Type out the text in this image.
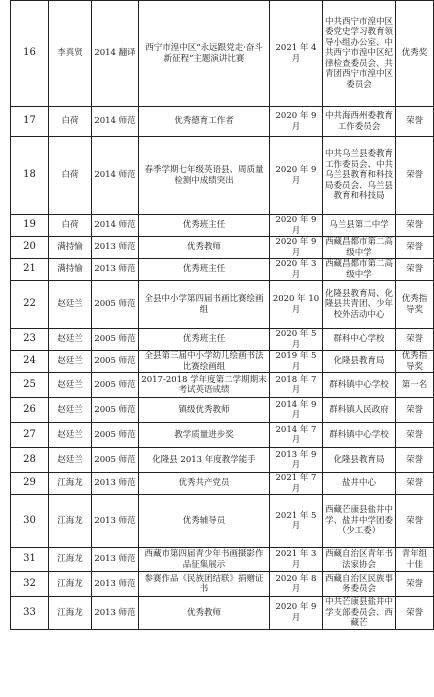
16	李真贤	2014 翻译	西宁市湟中区“永远跟党走·奋斗新征程”主题演讲比赛	2021 年 4 月	中共西宁市湟中区委党史学习教育领导小组办公室、中共西宁市湟中区纪律检查委员会、共青团西宁市湟中区委员会	优秀奖
17	白荷	2014 师范	优秀德育工作者	2020 年 9 月	中共海西州委教育工作委员会	荣誉
18	白荷	2014 师范	春季学期七年级英语县、周质量检测中成绩突出	2020 年 9 月	中共乌兰县委教育工作委员会、中共乌兰县教育和科技局委员会、乌兰县教育和科技局	荣誉
19	白荷	2014 师范	优秀班主任	2020 年 9 月	乌兰县第二中学	荣誉
20	满持愉	2013 师范	优秀教师	2020 年 9 月	西藏昌都市第二高级中学	荣誉
21	满持愉	2013 师范	优秀班主任	2020 年 3 月	西藏昌都市第二高级中学	荣誉
22	赵廷兰	2005 师范	全县中小学第四届书画比赛绘画组	2020 年 10 月	化隆县教育局、化隆县共青团、少年校外活动中心	优秀指导奖
23	赵廷兰	2005 师范	优秀班主任	2020 年 5 月	群科中心学校	荣誉
24	赵廷兰	2005 师范	全县第三届中小学幼儿绘画书法比赛绘画组	2019 年 5 月	化隆县教育局	优秀指导奖
25	赵廷兰	2005 师范	2017-2018 学年度第二学期期末考试英语成绩	2018 年 7 月	群科镇中心学校	第一名
26	赵廷兰	2005 师范	镇级优秀教师	2014 年 9 月	群科镇人民政府	荣誉
27	赵廷兰	2005 师范	教学质量进步奖	2014 年 7 月	群科镇中心学校	荣誉
28	赵廷兰	2005 师范	化隆县 2013 年度教学能手	2013 年 9 月	化隆县教育局	荣誉
29	江海龙	2013 师范	优秀共产党员	2021 年 7 月	盐井中心	荣誉
30	江海龙	2013 师范	优秀辅导员	2021 年 5 月	西藏芒康县盐井中学、盐井中学团委（少工委）	荣誉
31	江海龙	2013 师范	西藏市第四届青少年书画摄影作品征集展示	2021 年 3 月	西藏自治区青年书法家协会	青年组十佳
32	江海龙	2013 师范	参赛作品《民族团结联》捐赠证书	2020 年 8 月	西藏自治区民族事务委员会	荣誉
33	江海龙	2013 师范	优秀教师	2020 年 9 月	中共芒康县盐井中学支部委员会、西藏芒	荣誉
